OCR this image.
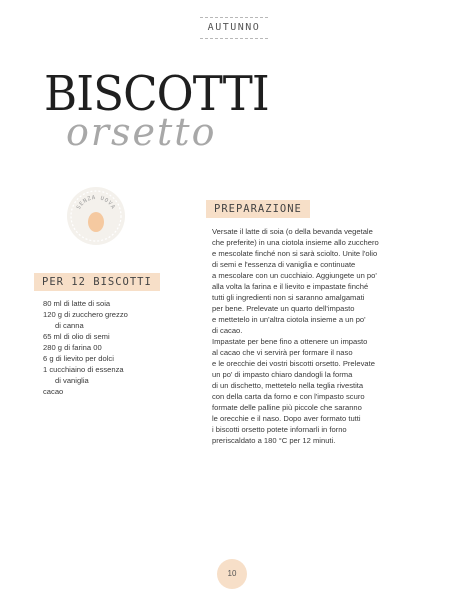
AUTUNNO
BISCOTTI
orsetto
SENZA UOVA	PREPARAZIONE
PER 12 BISCOTTI
80 ml di latte di soia
120 g di zucchero grezzo
di canna
65 ml di olio di semi
280 g di farina 00
6 g di lievito per dolci
1 cucchiaino di essenza
di vaniglia
cacao

Versate il latte di soia (o della bevanda vegetale
che preferite) in una ciotola insieme allo zucchero
e mescolate finché non si sarà sciolto. Unite l'olio
di semi e l'essenza di vaniglia e continuate
a mescolare con un cucchiaio. Aggiungete un po'
alla volta la farina e il lievito e impastate finché
tutti gli ingredienti non si saranno amalgamati
per bene. Prelevate un quarto dell'impasto
e mettetelo in un'altra ciotola insieme a un po'
di cacao.

Impastate per bene fino a ottenere un impasto
al cacao che vi servirà per formare il naso
e le orecchie dei vostri biscotti orsetto. Prelevate
un po' di impasto chiaro dandogli la forma
di un dischetto, mettetelo nella teglia rivestita
con della carta da forno e con l'impasto scuro
formate delle palline più piccole che saranno
le orecchie e il naso. Dopo aver formato tutti
i biscotti orsetto potete infornarli in forno
preriscaldato a 180 °C per 12 minuti.

10
